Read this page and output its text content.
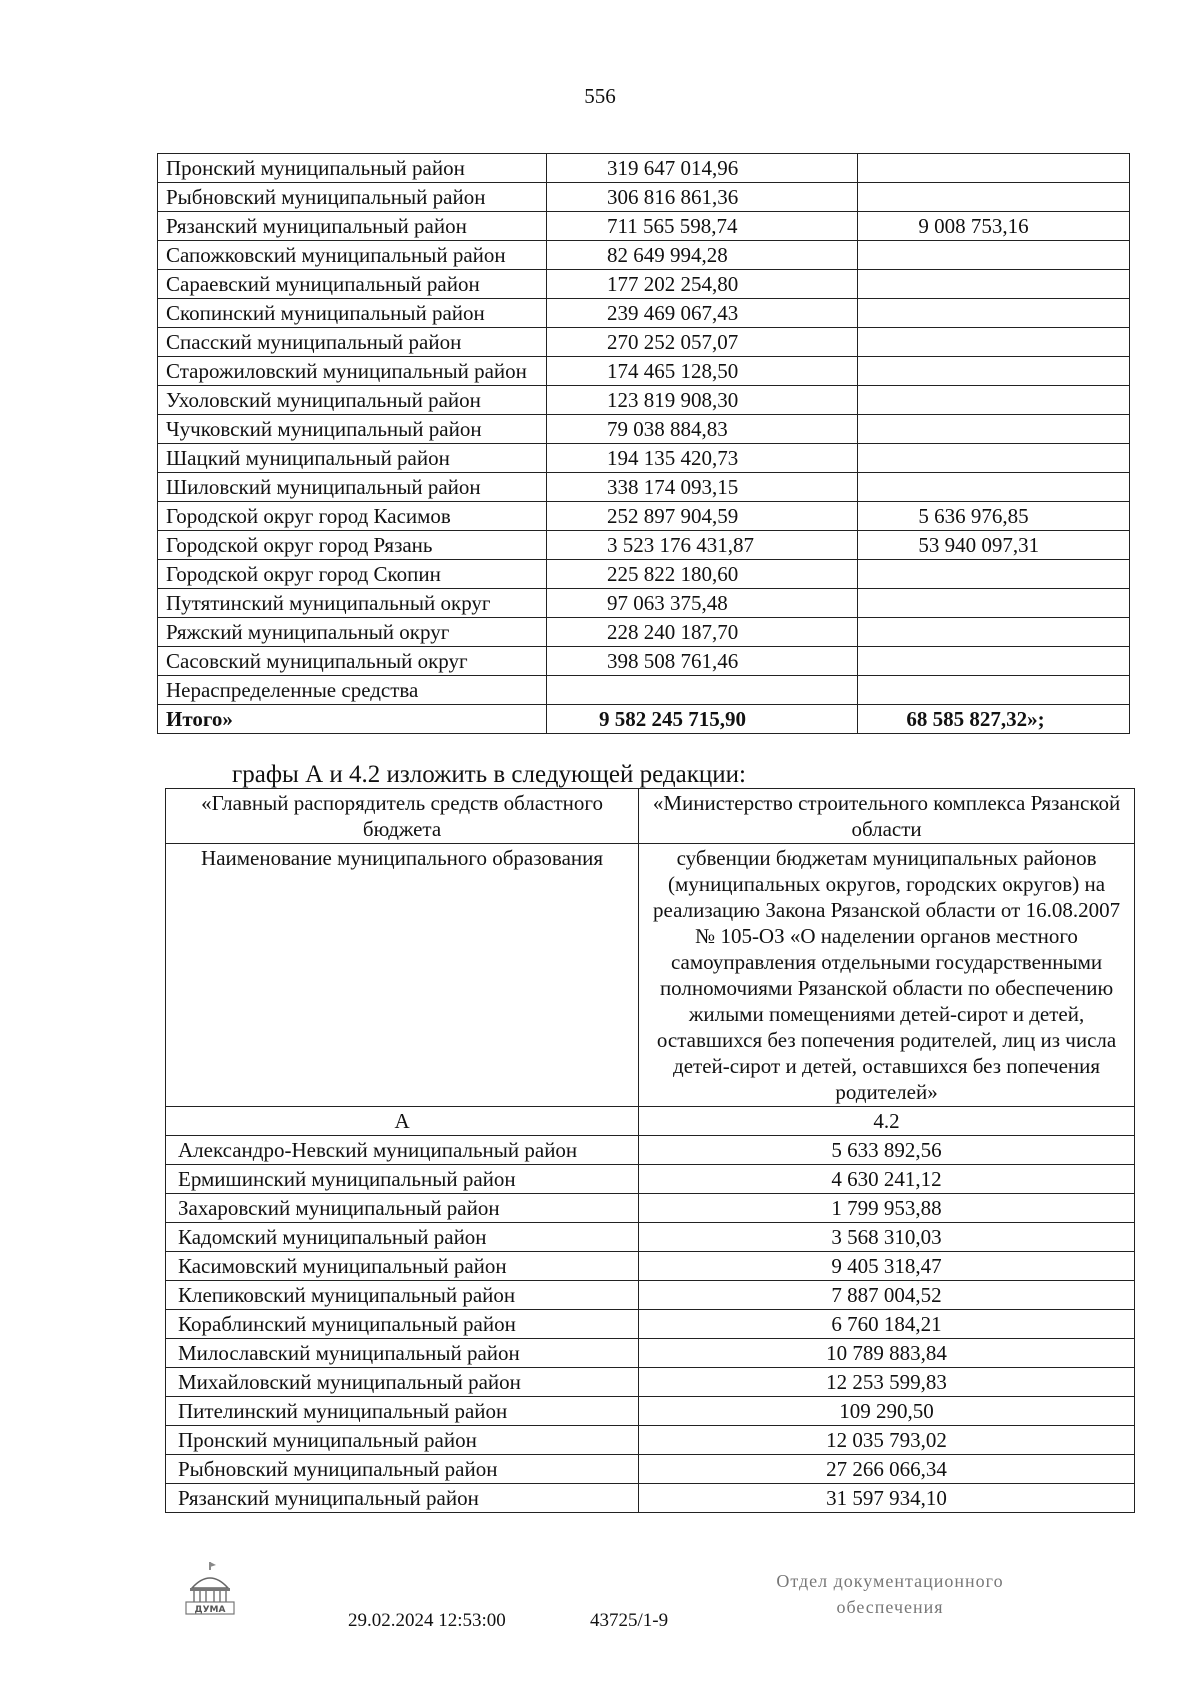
556
Пронский муниципальный район	319 647 014,96	
Рыбновский муниципальный район	306 816 861,36	
Рязанский муниципальный район	711 565 598,74	9 008 753,16
Сапожковский муниципальный район	82 649 994,28	
Сараевский муниципальный район	177 202 254,80	
Скопинский муниципальный район	239 469 067,43	
Спасский муниципальный район	270 252 057,07	
Старожиловский муниципальный район	174 465 128,50	
Ухоловский муниципальный район	123 819 908,30	
Чучковский муниципальный район	79 038 884,83	
Шацкий муниципальный район	194 135 420,73	
Шиловский муниципальный район	338 174 093,15	
Городской округ город Касимов	252 897 904,59	5 636 976,85
Городской округ город Рязань	3 523 176 431,87	53 940 097,31
Городской округ город Скопин	225 822 180,60	
Путятинский муниципальный округ	97 063 375,48	
Ряжский муниципальный округ	228 240 187,70	
Сасовский муниципальный округ	398 508 761,46	
Нераспределенные средства		
Итого»	9 582 245 715,90	68 585 827,32»;
графы А и 4.2 изложить в следующей редакции:
«Главный распорядитель средств областного бюджета	«Министерство строительного комплекса Рязанской области
Наименование муниципального образования	субвенции бюджетам муниципальных районов (муниципальных округов, городских округов) на реализацию Закона Рязанской области от 16.08.2007 № 105-ОЗ «О наделении органов местного самоуправления отдельными государственными полномочиями Рязанской области по обеспечению жилыми помещениями детей-сирот и детей, оставшихся без попечения родителей, лиц из числа детей-сирот и детей, оставшихся без попечения родителей»
А	4.2
Александро-Невский муниципальный район	5 633 892,56
Ермишинский муниципальный район	4 630 241,12
Захаровский муниципальный район	1 799 953,88
Кадомский муниципальный район	3 568 310,03
Касимовский муниципальный район	9 405 318,47
Клепиковский муниципальный район	7 887 004,52
Кораблинский муниципальный район	6 760 184,21
Милославский муниципальный район	10 789 883,84
Михайловский муниципальный район	12 253 599,83
Пителинский муниципальный район	109 290,50
Пронский муниципальный район	12 035 793,02
Рыбновский муниципальный район	27 266 066,34
Рязанский муниципальный район	31 597 934,10
ДУМА	29.02.2024 12:53:00	43725/1-9
Отдел документационного
обеспечения
